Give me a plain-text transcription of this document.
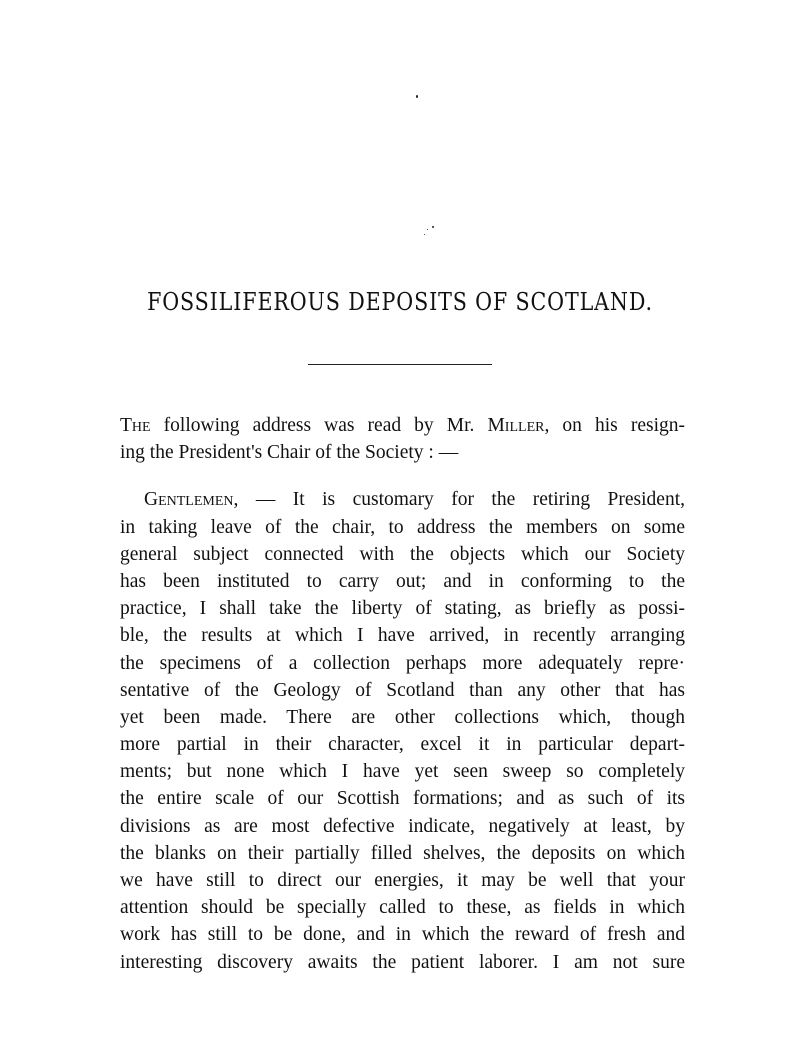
FOSSILIFEROUS DEPOSITS OF SCOTLAND.
The following address was read by Mr. Miller, on his resign-
ing the President's Chair of the Society : —
Gentlemen, — It is customary for the retiring President,
in taking leave of the chair, to address the members on some
general subject connected with the objects which our Society
has been instituted to carry out; and in conforming to the
practice, I shall take the liberty of stating, as briefly as possi-
ble, the results at which I have arrived, in recently arranging
the specimens of a collection perhaps more adequately repre·
sentative of the Geology of Scotland than any other that has
yet been made. There are other collections which, though
more partial in their character, excel it in particular depart-
ments; but none which I have yet seen sweep so completely
the entire scale of our Scottish formations; and as such of its
divisions as are most defective indicate, negatively at least, by
the blanks on their partially filled shelves, the deposits on which
we have still to direct our energies, it may be well that your
attention should be specially called to these, as fields in which
work has still to be done, and in which the reward of fresh and
interesting discovery awaits the patient laborer. I am not sure
